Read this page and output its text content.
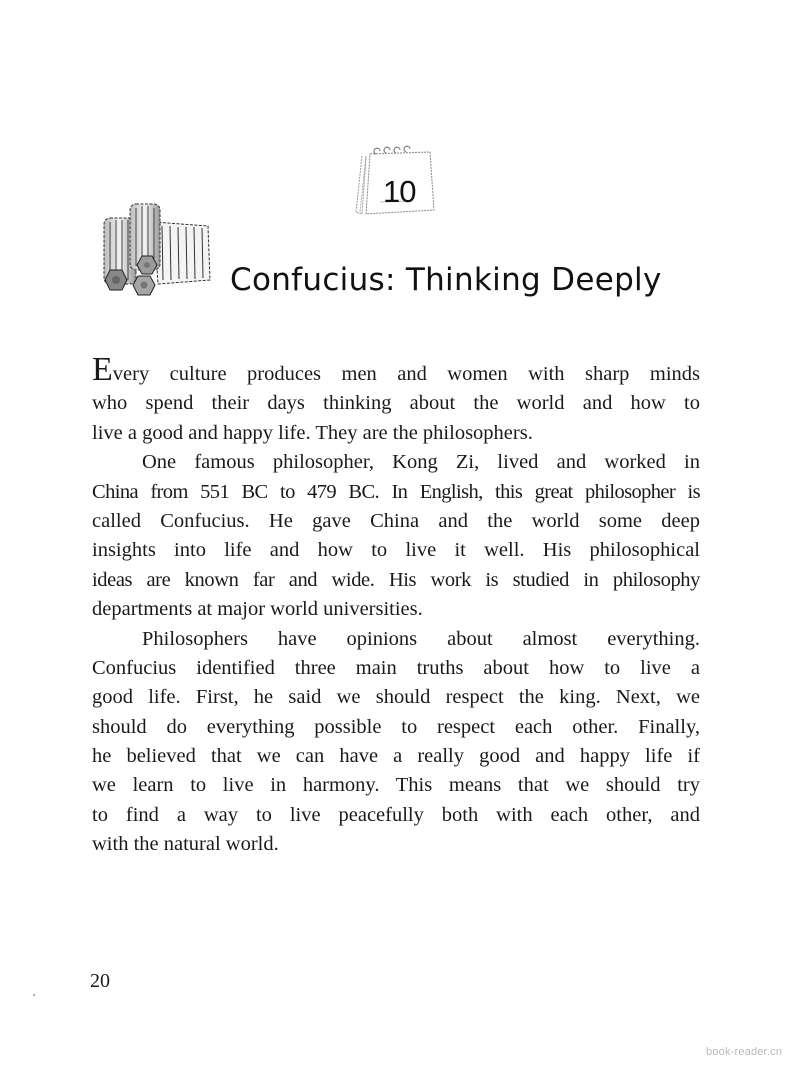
10
Confucius: Thinking Deeply
Every culture produces men and women with sharp minds
who spend their days thinking about the world and how to
live a good and happy life. They are the philosophers.
One famous philosopher, Kong Zi, lived and worked in
China from 551 BC to 479 BC. In English, this great philosopher is
called Confucius. He gave China and the world some deep
insights into life and how to live it well. His philosophical
ideas are known far and wide. His work is studied in philosophy
departments at major world universities.
Philosophers have opinions about almost everything.
Confucius identified three main truths about how to live a
good life. First, he said we should respect the king. Next, we
should do everything possible to respect each other. Finally,
he believed that we can have a really good and happy life if
we learn to live in harmony. This means that we should try
to find a way to live peacefully both with each other, and
with the natural world.
20
book-reader.cn
